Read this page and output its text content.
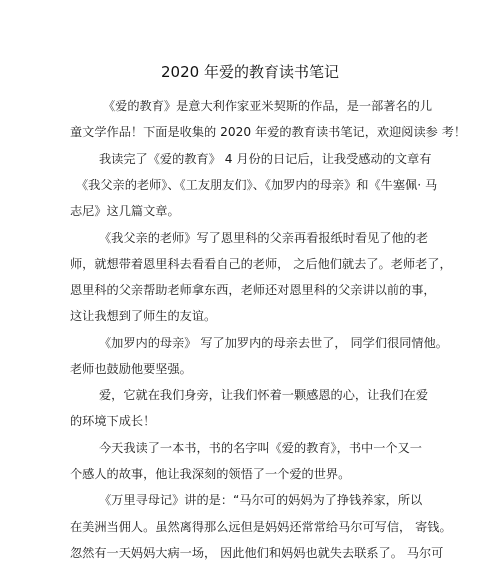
2020 年爱的教育读书笔记
《爱的教育》是意大利作家亚米契斯的作品，是一部著名的儿
童文学作品！下面是收集的 2020 年爱的教育读书笔记，欢迎阅读参 考！
我读完了《爱的教育》 4 月份的日记后，让我受感动的文章有
《我父亲的老师》、《工友朋友们》、《加罗内的母亲》和《牛塞佩· 马
志尼》这几篇文章。
《我父亲的老师》写了恩里科的父亲再看报纸时看见了他的老
师，就想带着恩里科去看看自己的老师， 之后他们就去了。老师老了，
恩里科的父亲帮助老师拿东西，老师还对恩里科的父亲讲以前的事，
这让我想到了师生的友谊。
《加罗内的母亲》 写了加罗内的母亲去世了， 同学们很同情他。
老师也鼓励他要坚强。
爱，它就在我们身旁，让我们怀着一颗感恩的心，让我们在爱
的环境下成长！
今天我读了一本书，书的名字叫《爱的教育》，书中一个又一
个感人的故事，他让我深刻的领悟了一个爱的世界。
《万里寻母记》讲的是：“马尔可的妈妈为了挣钱养家，所以
在美洲当佣人。虽然离得那么远但是妈妈还常常给马尔可写信， 寄钱。
忽然有一天妈妈大病一场， 因此他们和妈妈也就失去联系了。 马尔可
